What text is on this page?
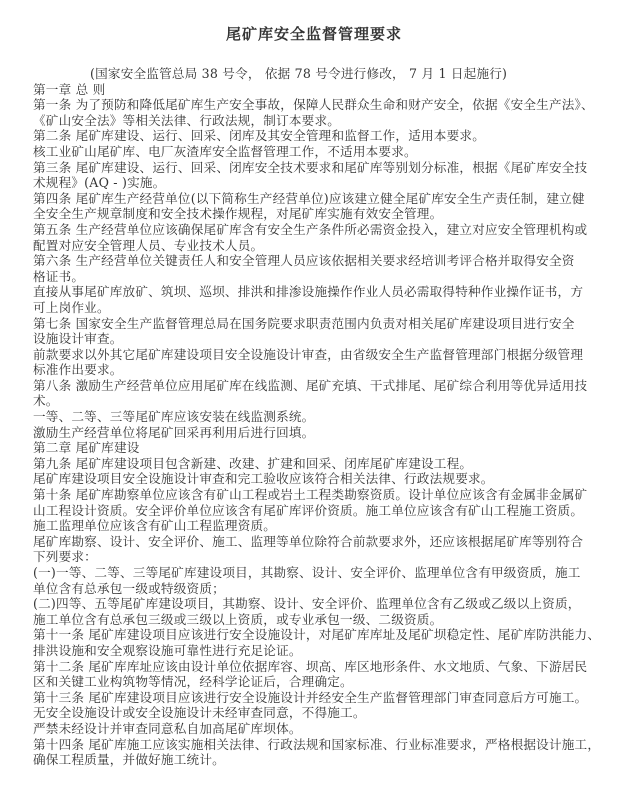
尾矿库安全监督管理要求
(国家安全监管总局 38 号令， 依据 78 号令进行修改， 7 月 1 日起施行)
第一章 总 则
第一条 为了预防和降低尾矿库生产安全事故，保障人民群众生命和财产安全，依据《安全生产法》、
《矿山安全法》等相关法律、行政法规，制订本要求。
第二条 尾矿库建设、运行、回采、闭库及其安全管理和监督工作，适用本要求。
核工业矿山尾矿库、电厂灰渣库安全监督管理工作，不适用本要求。
第三条 尾矿库建设、运行、回采、闭库安全技术要求和尾矿库等别划分标准，根据《尾矿库安全技
术规程》(AQ - )实施。
第四条 尾矿库生产经营单位(以下简称生产经营单位)应该建立健全尾矿库安全生产责任制，建立健
全安全生产规章制度和安全技术操作规程，对尾矿库实施有效安全管理。
第五条 生产经营单位应该确保尾矿库含有安全生产条件所必需资金投入，建立对应安全管理机构或
配置对应安全管理人员、专业技术人员。
第六条 生产经营单位关键责任人和安全管理人员应该依据相关要求经培训考评合格并取得安全资
格证书。
直接从事尾矿库放矿、筑坝、巡坝、排洪和排渗设施操作作业人员必需取得特种作业操作证书，方
可上岗作业。
第七条 国家安全生产监督管理总局在国务院要求职责范围内负责对相关尾矿库建设项目进行安全
设施设计审查。
前款要求以外其它尾矿库建设项目安全设施设计审查，由省级安全生产监督管理部门根据分级管理
标准作出要求。
第八条 激励生产经营单位应用尾矿库在线监测、尾矿充填、干式排尾、尾矿综合利用等优异适用技
术。
一等、二等、三等尾矿库应该安装在线监测系统。
激励生产经营单位将尾矿回采再利用后进行回填。
第二章 尾矿库建设
第九条 尾矿库建设项目包含新建、改建、扩建和回采、闭库尾矿库建设工程。
尾矿库建设项目安全设施设计审查和完工验收应该符合相关法律、行政法规要求。
第十条 尾矿库勘察单位应该含有矿山工程或岩土工程类勘察资质。设计单位应该含有金属非金属矿
山工程设计资质。安全评价单位应该含有尾矿库评价资质。施工单位应该含有矿山工程施工资质。
施工监理单位应该含有矿山工程监理资质。
尾矿库勘察、设计、安全评价、施工、监理等单位除符合前款要求外，还应该根据尾矿库等别符合
下列要求：
(一)一等、二等、三等尾矿库建设项目，其勘察、设计、安全评价、监理单位含有甲级资质，施工
单位含有总承包一级或特级资质；
(二)四等、五等尾矿库建设项目，其勘察、设计、安全评价、监理单位含有乙级或乙级以上资质，
施工单位含有总承包三级或三级以上资质，或专业承包一级、二级资质。
第十一条 尾矿库建设项目应该进行安全设施设计，对尾矿库库址及尾矿坝稳定性、尾矿库防洪能力、
排洪设施和安全观察设施可靠性进行充足论证。
第十二条 尾矿库库址应该由设计单位依据库容、坝高、库区地形条件、水文地质、气象、下游居民
区和关键工业构筑物等情况，经科学论证后，合理确定。
第十三条 尾矿库建设项目应该进行安全设施设计并经安全生产监督管理部门审查同意后方可施工。
无安全设施设计或安全设施设计未经审查同意，不得施工。
严禁未经设计并审查同意私自加高尾矿库坝体。
第十四条 尾矿库施工应该实施相关法律、行政法规和国家标准、行业标准要求，严格根据设计施工，
确保工程质量，并做好施工统计。
